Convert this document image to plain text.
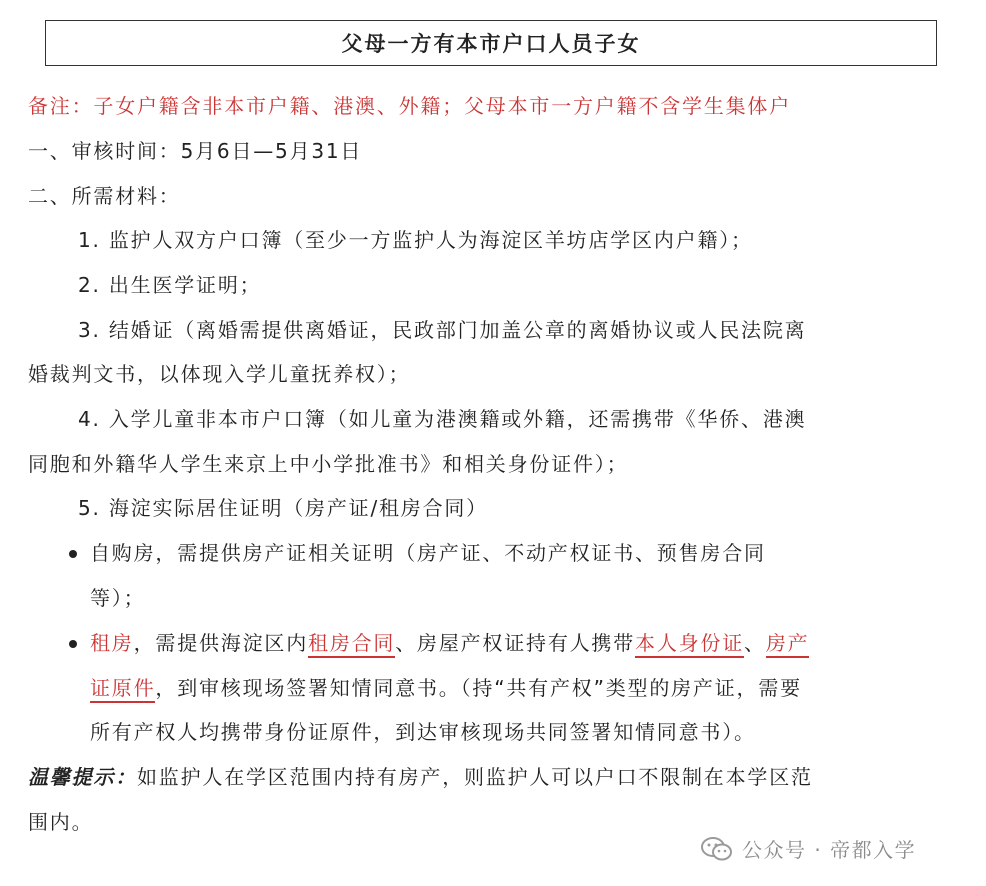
父母一方有本市户口人员子女
备注：子女户籍含非本市户籍、港澳、外籍；父母本市一方户籍不含学生集体户
一、审核时间：5月6日—5月31日
二、所需材料：
1. 监护人双方户口簿（至少一方监护人为海淀区羊坊店学区内户籍）；
2. 出生医学证明；
3. 结婚证（离婚需提供离婚证，民政部门加盖公章的离婚协议或人民法院离
婚裁判文书，以体现入学儿童抚养权）；
4. 入学儿童非本市户口簿（如儿童为港澳籍或外籍，还需携带《华侨、港澳
同胞和外籍华人学生来京上中小学批准书》和相关身份证件）；
5. 海淀实际居住证明（房产证/租房合同）
自购房，需提供房产证相关证明（房产证、不动产权证书、预售房合同
等）；
租房，需提供海淀区内租房合同、房屋产权证持有人携带本人身份证、房产
证原件，到审核现场签署知情同意书。（持“共有产权”类型的房产证，需要
所有产权人均携带身份证原件，到达审核现场共同签署知情同意书）。
温馨提示：如监护人在学区范围内持有房产，则监护人可以户口不限制在本学区范
围内。
公众号 · 帝都入学
